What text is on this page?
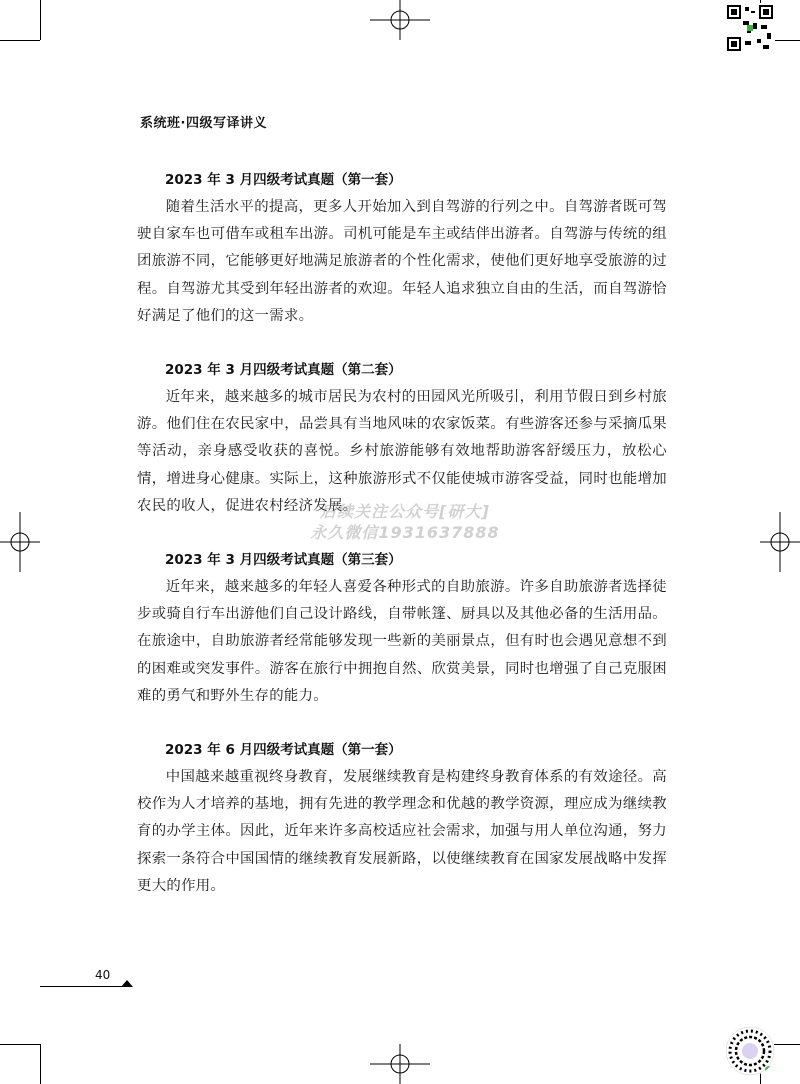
系统班·四级写译讲义
2023 年 3 月四级考试真题（第一套）

随着生活水平的提高，更多人开始加入到自驾游的行列之中。自驾游者既可驾驶自家车也可借车或租车出游。司机可能是车主或结伴出游者。自驾游与传统的组团旅游不同，它能够更好地满足旅游者的个性化需求，使他们更好地享受旅游的过程。自驾游尤其受到年轻出游者的欢迎。年轻人追求独立自由的生活，而自驾游恰好满足了他们的这一需求。

2023 年 3 月四级考试真题（第二套）

近年来，越来越多的城市居民为农村的田园风光所吸引，利用节假日到乡村旅游。他们住在农民家中，品尝具有当地风味的农家饭菜。有些游客还参与采摘瓜果等活动，亲身感受收获的喜悦。乡村旅游能够有效地帮助游客舒缓压力，放松心情，增进身心健康。实际上，这种旅游形式不仅能使城市游客受益，同时也能增加农民的收人，促进农村经济发展。

2023 年 3 月四级考试真题（第三套）

近年来，越来越多的年轻人喜爱各种形式的自助旅游。许多自助旅游者选择徒步或骑自行车出游他们自己设计路线，自带帐篷、厨具以及其他必备的生活用品。在旅途中，自助旅游者经常能够发现一些新的美丽景点，但有时也会遇见意想不到的困难或突发事件。游客在旅行中拥抱自然、欣赏美景，同时也增强了自己克服困难的勇气和野外生存的能力。

2023 年 6 月四级考试真题（第一套）

中国越来越重视终身教育，发展继续教育是构建终身教育体系的有效途径。高校作为人才培养的基地，拥有先进的教学理念和优越的教学资源，理应成为继续教育的办学主体。因此，近年来许多高校适应社会需求，加强与用人单位沟通，努力探索一条符合中国国情的继续教育发展新路，以使继续教育在国家发展战略中发挥更大的作用。

后续关注公众号[研大]
永久微信1931637888
40
